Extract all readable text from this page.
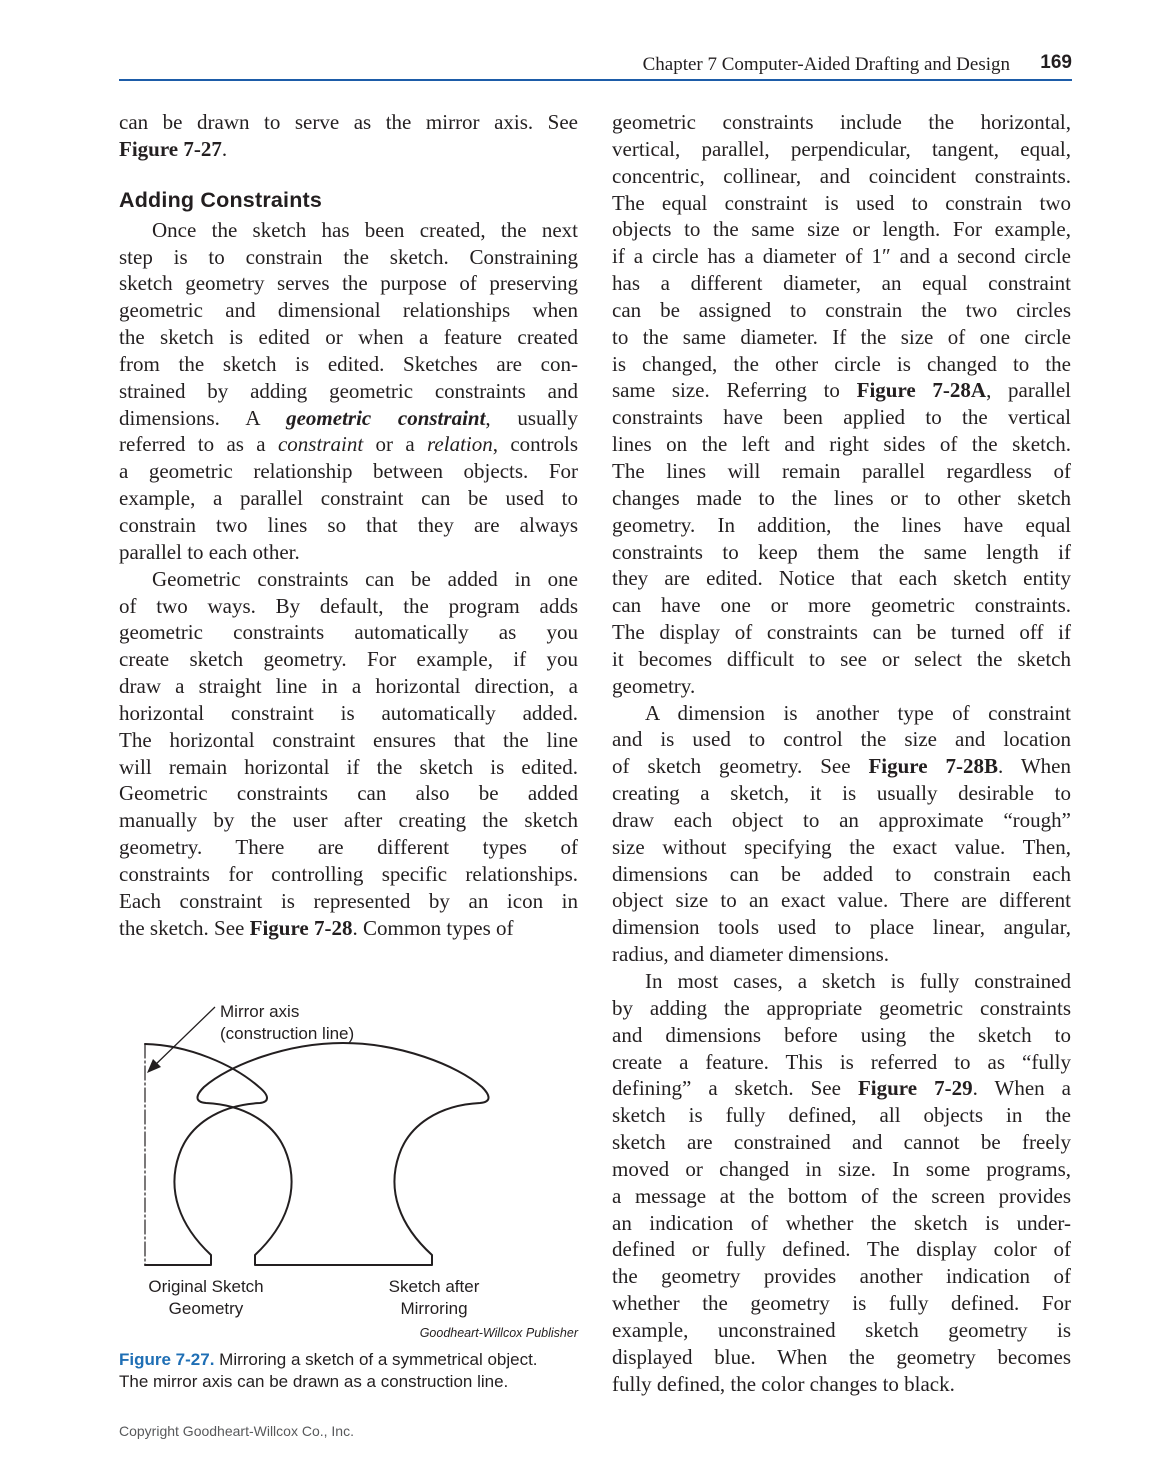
Chapter 7 Computer-Aided Drafting and Design 169
can be drawn to serve as the mirror axis. See
Figure 7-27.
Adding Constraints
Once the sketch has been created, the next
step is to constrain the sketch. Constraining
sketch geometry serves the purpose of preserving
geometric and dimensional relationships when
the sketch is edited or when a feature created
from the sketch is edited. Sketches are con-
strained by adding geometric constraints and
dimensions. A geometric constraint, usually
referred to as a constraint or a relation, controls
a geometric relationship between objects. For
example, a parallel constraint can be used to
constrain two lines so that they are always
parallel to each other.
Geometric constraints can be added in one
of two ways. By default, the program adds
geometric constraints automatically as you
create sketch geometry. For example, if you
draw a straight line in a horizontal direction, a
horizontal constraint is automatically added.
The horizontal constraint ensures that the line
will remain horizontal if the sketch is edited.
Geometric constraints can also be added
manually by the user after creating the sketch
geometry. There are different types of
constraints for controlling specific relationships.
Each constraint is represented by an icon in
the sketch. See Figure 7-28. Common types of
Mirror axis
(construction line)
Original Sketch
Geometry
Sketch after
Mirroring
Goodheart-Willcox Publisher
Figure 7-27. Mirroring a sketch of a symmetrical object.
The mirror axis can be drawn as a construction line.
geometric constraints include the horizontal,
vertical, parallel, perpendicular, tangent, equal,
concentric, collinear, and coincident constraints.
The equal constraint is used to constrain two
objects to the same size or length. For example,
if a circle has a diameter of 1″ and a second circle
has a different diameter, an equal constraint
can be assigned to constrain the two circles
to the same diameter. If the size of one circle
is changed, the other circle is changed to the
same size. Referring to Figure 7-28A, parallel
constraints have been applied to the vertical
lines on the left and right sides of the sketch.
The lines will remain parallel regardless of
changes made to the lines or to other sketch
geometry. In addition, the lines have equal
constraints to keep them the same length if
they are edited. Notice that each sketch entity
can have one or more geometric constraints.
The display of constraints can be turned off if
it becomes difficult to see or select the sketch
geometry.
A dimension is another type of constraint
and is used to control the size and location
of sketch geometry. See Figure 7-28B. When
creating a sketch, it is usually desirable to
draw each object to an approximate “rough”
size without specifying the exact value. Then,
dimensions can be added to constrain each
object size to an exact value. There are different
dimension tools used to place linear, angular,
radius, and diameter dimensions.
In most cases, a sketch is fully constrained
by adding the appropriate geometric constraints
and dimensions before using the sketch to
create a feature. This is referred to as “fully
defining” a sketch. See Figure 7-29. When a
sketch is fully defined, all objects in the
sketch are constrained and cannot be freely
moved or changed in size. In some programs,
a message at the bottom of the screen provides
an indication of whether the sketch is under-
defined or fully defined. The display color of
the geometry provides another indication of
whether the geometry is fully defined. For
example, unconstrained sketch geometry is
displayed blue. When the geometry becomes
fully defined, the color changes to black.
Copyright Goodheart-Willcox Co., Inc.
